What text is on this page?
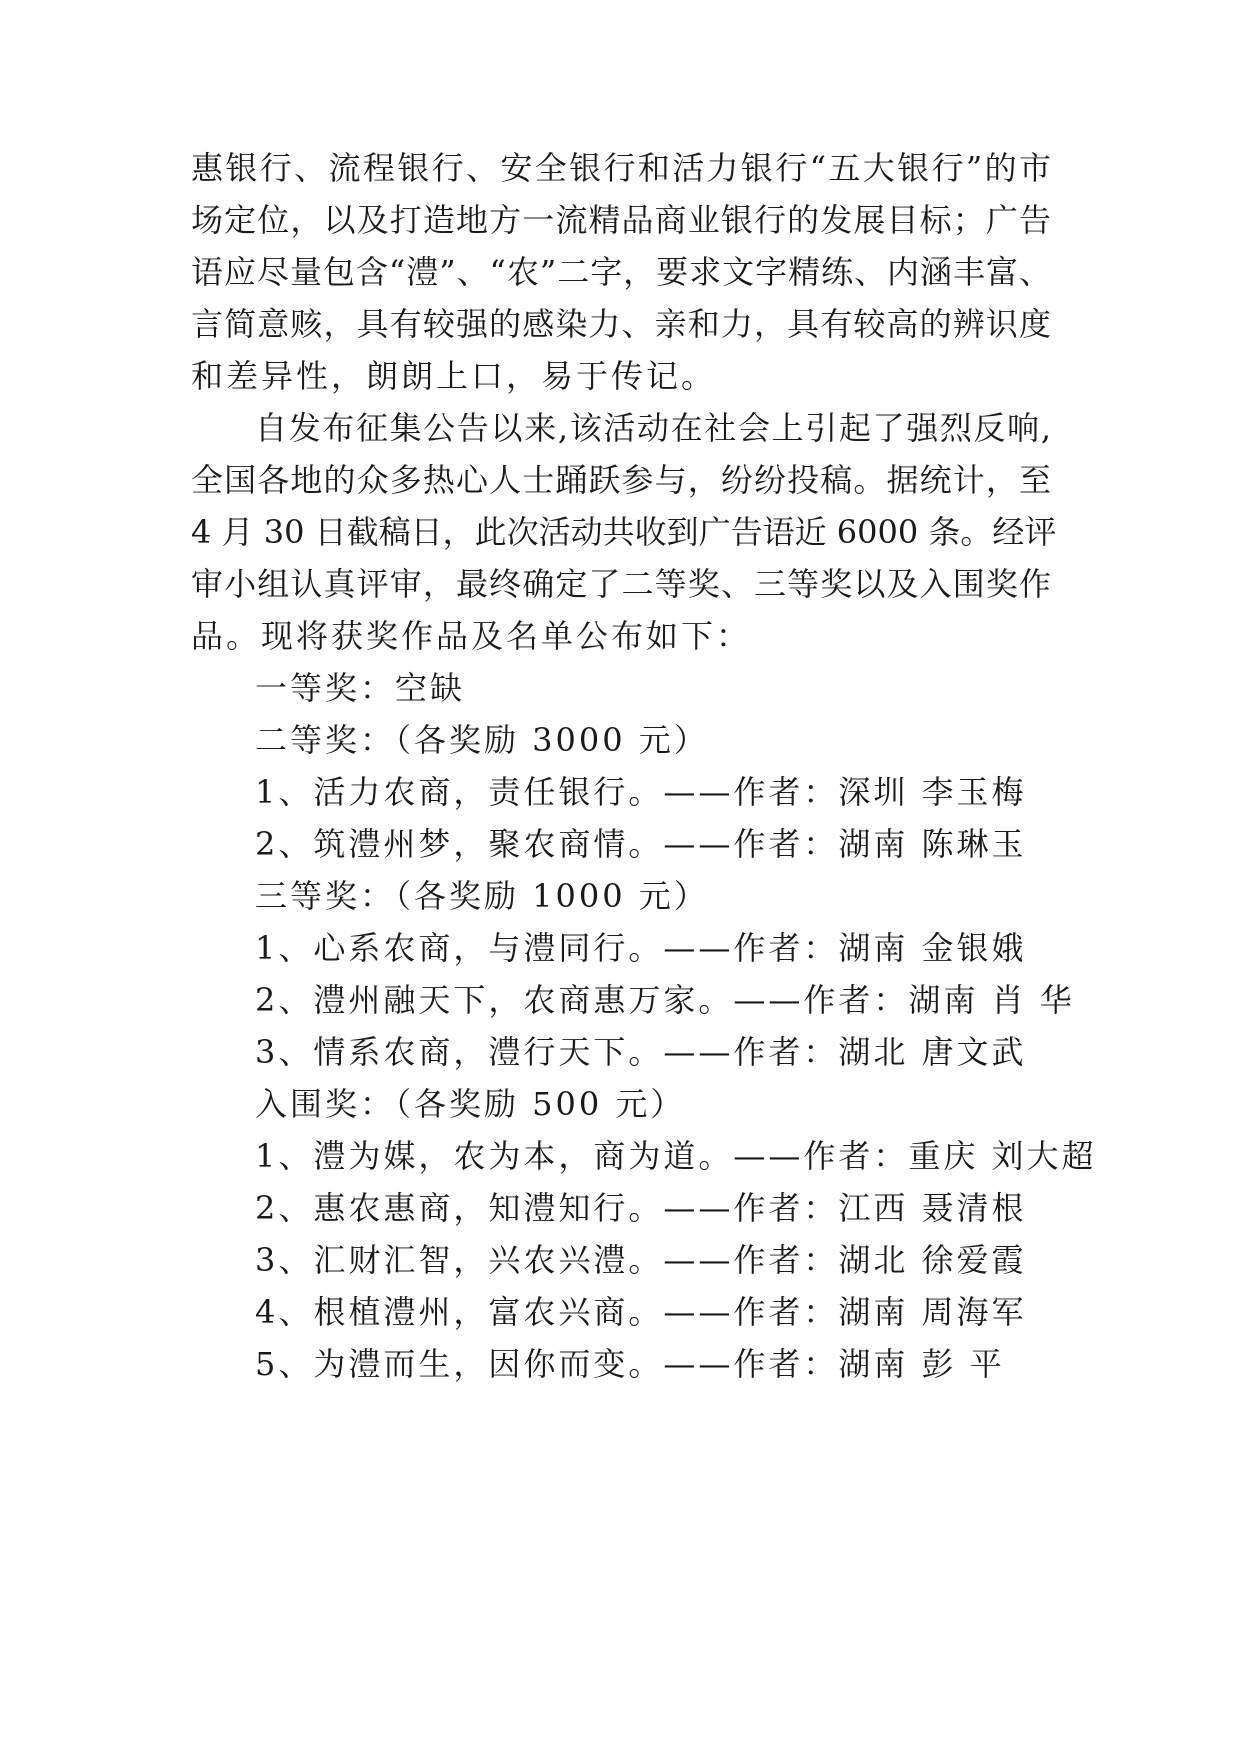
惠银行、流程银行、安全银行和活力银行“五大银行”的市
场定位，以及打造地方一流精品商业银行的发展目标；广告
语应尽量包含“澧”、“农”二字，要求文字精练、内涵丰富、
言简意赅，具有较强的感染力、亲和力，具有较高的辨识度
和差异性，朗朗上口，易于传记。
自发布征集公告以来,该活动在社会上引起了强烈反响,
全国各地的众多热心人士踊跃参与，纷纷投稿。据统计，至
4 月 30 日截稿日，此次活动共收到广告语近 6000 条。经评
审小组认真评审，最终确定了二等奖、三等奖以及入围奖作
品。现将获奖作品及名单公布如下：
一等奖：空缺
二等奖：（各奖励 3000 元）
1、活力农商，责任银行。——作者：深圳 李玉梅
2、筑澧州梦，聚农商情。——作者：湖南 陈琳玉
三等奖：（各奖励 1000 元）
1、心系农商，与澧同行。——作者：湖南 金银娥
2、澧州融天下，农商惠万家。——作者：湖南 肖 华
3、情系农商，澧行天下。——作者：湖北 唐文武
入围奖：（各奖励 500 元）
1、澧为媒，农为本，商为道。——作者：重庆 刘大超
2、惠农惠商，知澧知行。——作者：江西 聂清根
3、汇财汇智，兴农兴澧。——作者：湖北 徐爱霞
4、根植澧州，富农兴商。——作者：湖南 周海军
5、为澧而生，因你而变。——作者：湖南 彭 平
